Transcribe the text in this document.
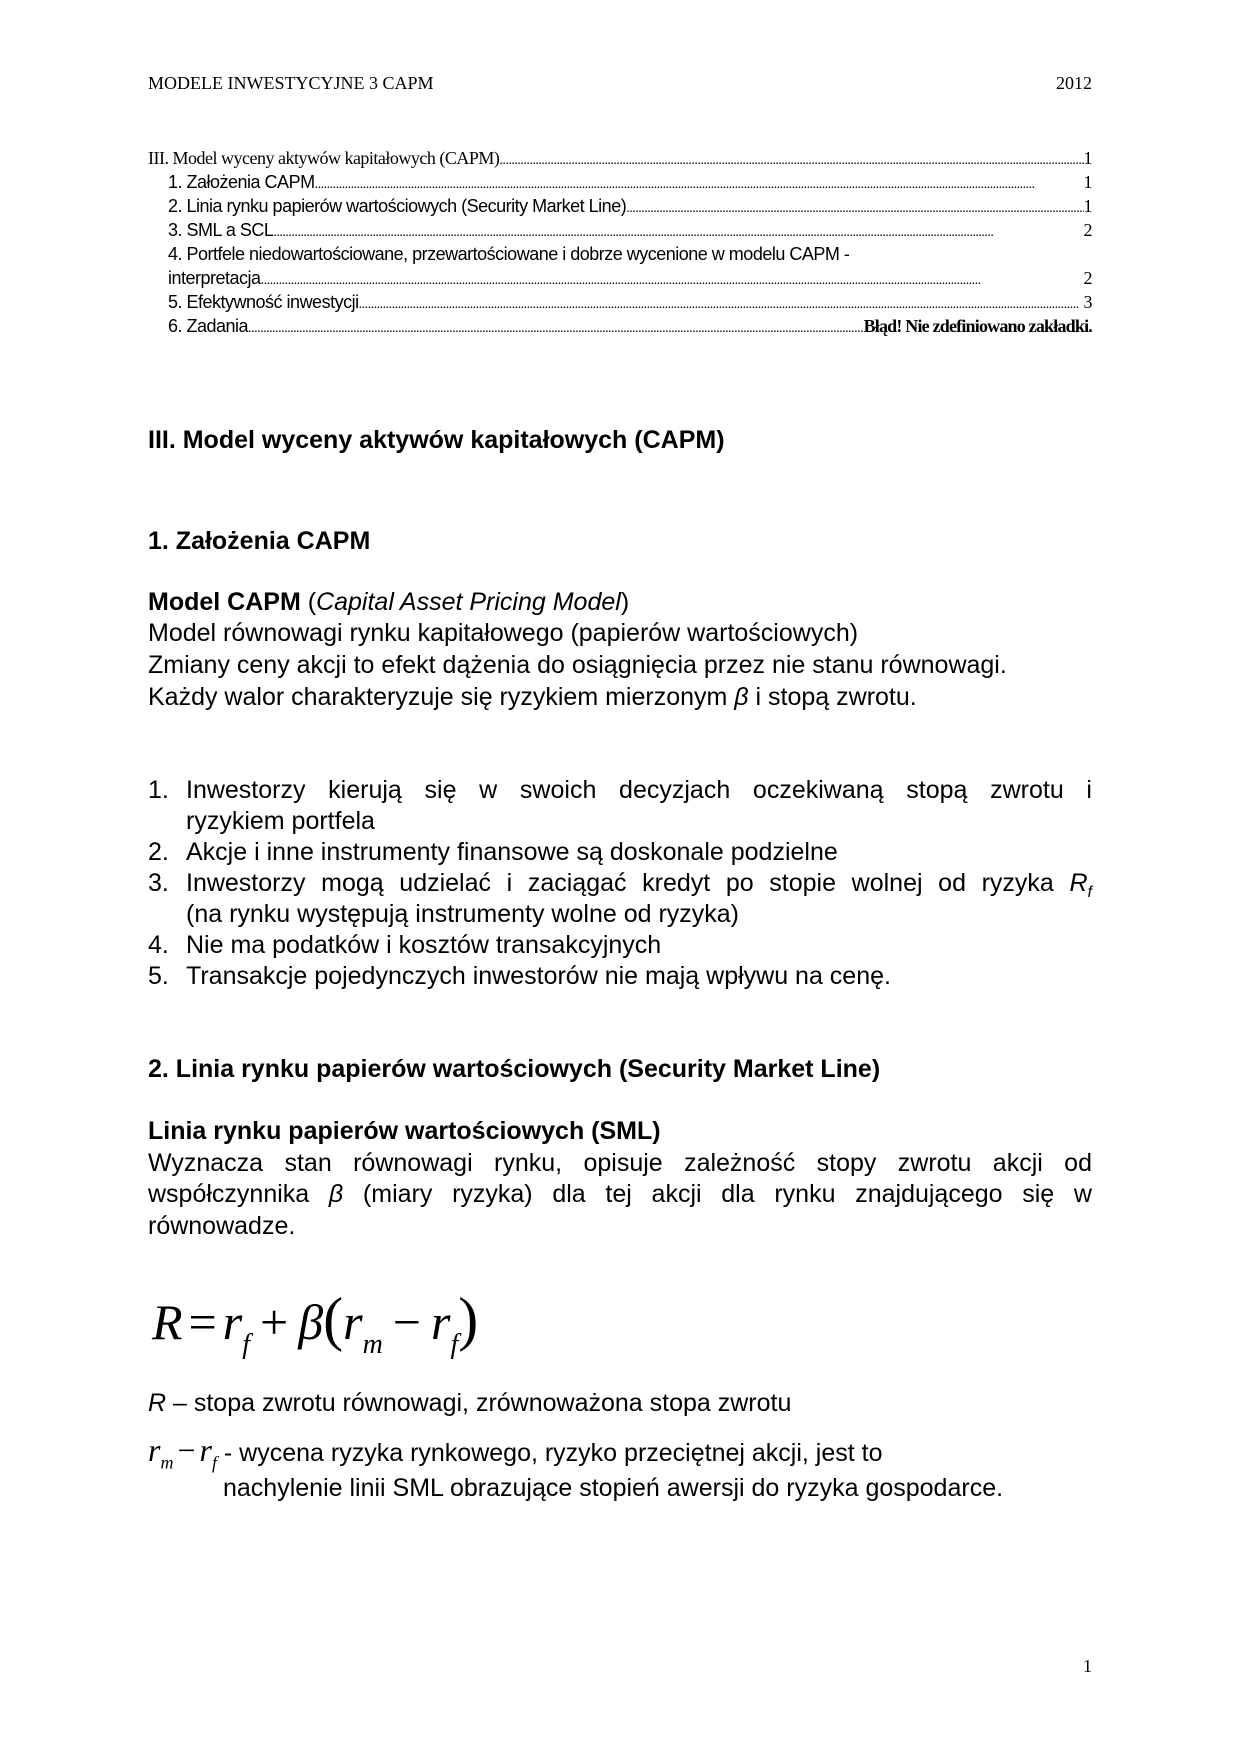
MODELE INWESTYCYJNE 3 CAPM	2012
III. Model wyceny aktywów kapitałowych (CAPM) .....	1
1. Założenia CAPM .....	1
2. Linia rynku papierów wartościowych (Security Market Line) .....	1
3. SML a SCL .....	2
4. Portfele niedowartościowane, przewartościowane i dobrze wycenione w modelu CAPM -
interpretacja .....	2
5. Efektywność inwestycji .....	3
6. Zadania .....	Błąd! Nie zdefiniowano zakładki.
III. Model wyceny aktywów kapitałowych (CAPM)
1. Założenia CAPM
Model CAPM (Capital Asset Pricing Model)
Model równowagi rynku kapitałowego (papierów wartościowych)
Zmiany ceny akcji to efekt dążenia do osiągnięcia przez nie stanu równowagi.
Każdy walor charakteryzuje się ryzykiem mierzonym β i stopą zwrotu.
1. Inwestorzy kierują się w swoich decyzjach oczekiwaną stopą zwrotu i
ryzykiem portfela
2. Akcje i inne instrumenty finansowe są doskonale podzielne
3. Inwestorzy mogą udzielać i zaciągać kredyt po stopie wolnej od ryzyka $R_f$
(na rynku występują instrumenty wolne od ryzyka)
4. Nie ma podatków i kosztów transakcyjnych
5. Transakcje pojedynczych inwestorów nie mają wpływu na cenę.
2. Linia rynku papierów wartościowych (Security Market Line)
Linia rynku papierów wartościowych (SML)
Wyznacza stan równowagi rynku, opisuje zależność stopy zwrotu akcji od
współczynnika β (miary ryzyka) dla tej akcji dla rynku znajdującego się w
równowadze.
$R = r_f + \beta(r_m - r_f)$
R – stopa zwrotu równowagi, zrównoważona stopa zwrotu
$r_m - r_f$ - wycena ryzyka rynkowego, ryzyko przeciętnej akcji, jest to
nachylenie linii SML obrazujące stopień awersji do ryzyka gospodarce.
1
